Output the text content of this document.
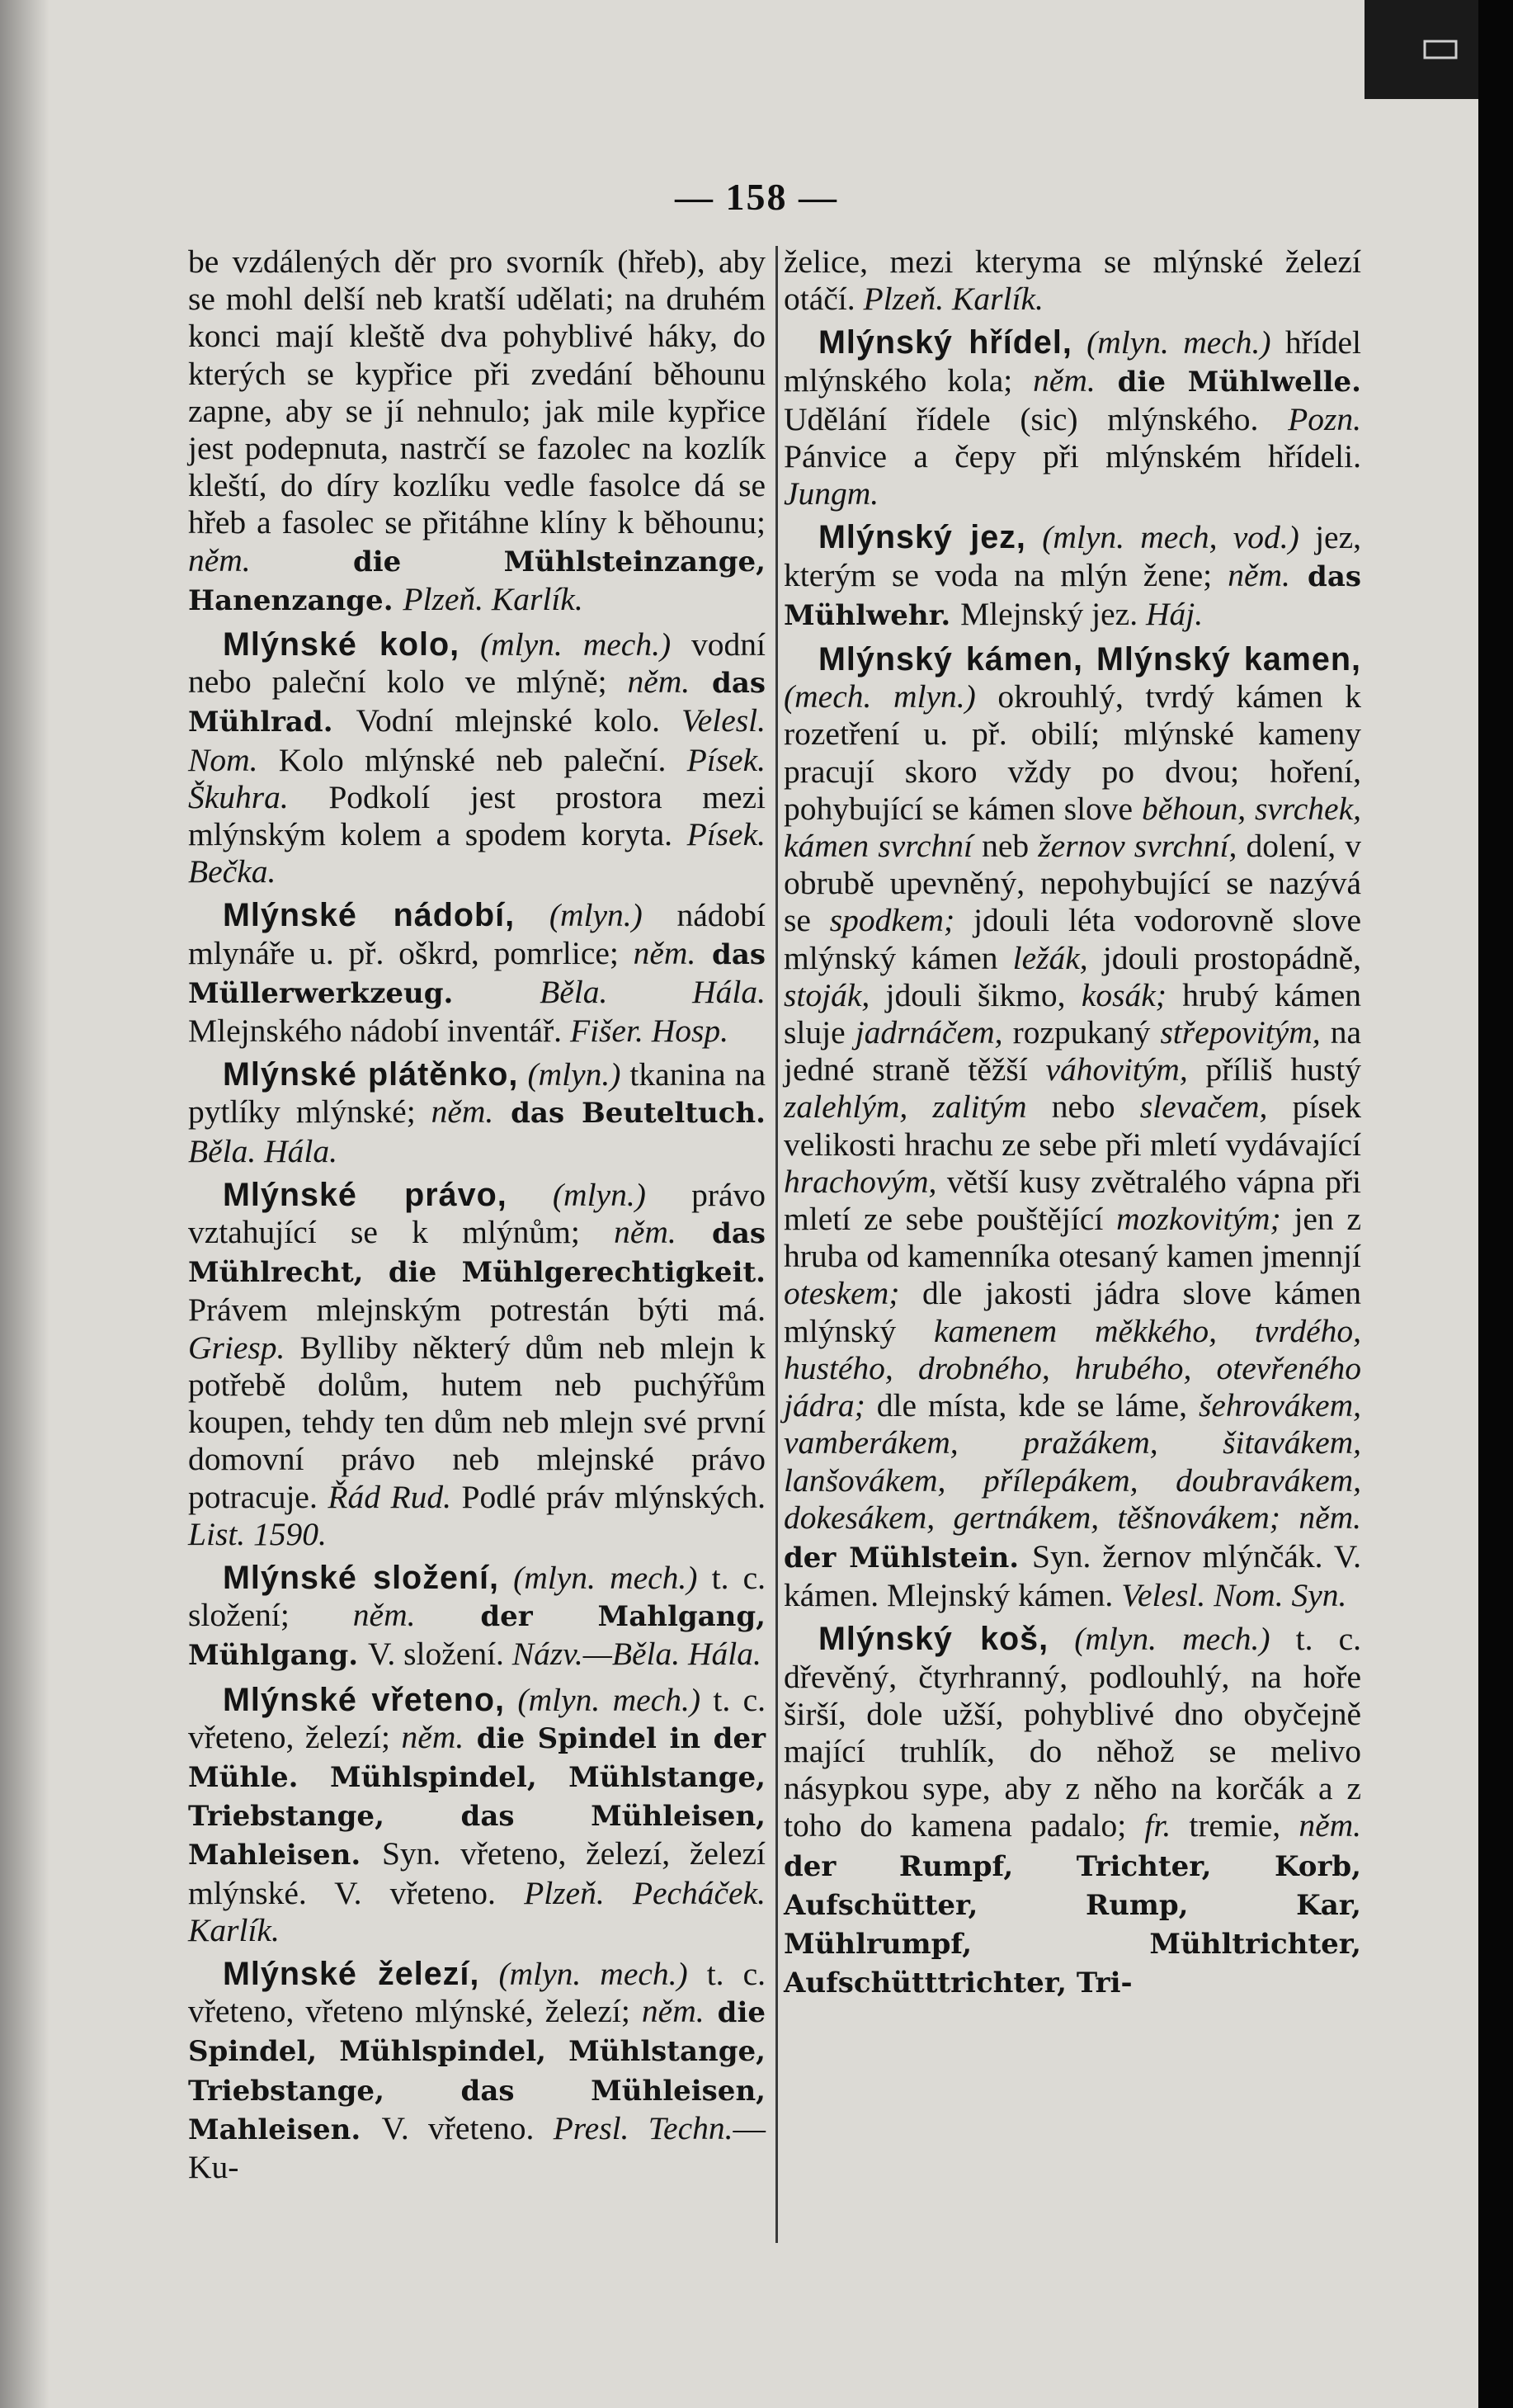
— 158 —

be vzdálených děr pro svorník (hřeb), aby se mohl delší neb kratší udělati; na druhém konci mají kleště dva pohyblivé háky, do kterých se kypřice při zvedání běhounu zapne, aby se jí nehnulo; jak mile kypřice jest podepnuta, nastrčí se fazolec na kozlík kleští, do díry kozlíku vedle fasolce dá se hřeb a fasolec se přitáhne klíny k běhounu; něm. die Mühlsteinzange, Hanenzange. Plzeň. Karlík.

Mlýnské kolo, (mlyn. mech.) vodní nebo paleční kolo ve mlýně; něm. das Mühlrad. Vodní mlejnské kolo. Velesl. Nom. Kolo mlýnské neb paleční. Písek. Škuhra. Podkolí jest prostora mezi mlýnským kolem a spodem koryta. Písek. Bečka.

Mlýnské nádobí, (mlyn.) nádobí mlynáře u. př. oškrd, pomrlice; něm. das Müllerwerkzeug. Běla. Hála. Mlejnského nádobí inventář. Fišer. Hosp.

Mlýnské plátěnko, (mlyn.) tkanina na pytlíky mlýnské; něm. das Beuteltuch. Běla. Hála.

Mlýnské právo, (mlyn.) právo vztahující se k mlýnům; něm. das Mühlrecht, die Mühlgerechtigkeit. Právem mlejnským potrestán býti má. Griesp. Bylliby některý dům neb mlejn k potřebě dolům, hutem neb puchýřům koupen, tehdy ten dům neb mlejn své první domovní právo neb mlejnské právo potracuje. Řád Rud. Podlé práv mlýnských. List. 1590.

Mlýnské složení, (mlyn. mech.) t. c. složení; něm. der Mahlgang, Mühlgang. V. složení. Názv.—Běla. Hála.

Mlýnské vřeteno, (mlyn. mech.) t. c. vřeteno, železí; něm. die Spindel in der Mühle. Mühlspindel, Mühlstange, Triebstange, das Mühleisen, Mahleisen. Syn. vřeteno, železí, železí mlýnské. V. vřeteno. Plzeň. Pecháček. Karlík.

Mlýnské železí, (mlyn. mech.) t. c. vřeteno, vřeteno mlýnské, železí; něm. die Spindel, Mühlspindel, Mühlstange, Triebstange, das Mühleisen, Mahleisen. V. vřeteno. Presl. Techn.—Ku-

želice, mezi kteryma se mlýnské železí otáčí. Plzeň. Karlík.

Mlýnský hřídel, (mlyn. mech.) hřídel mlýnského kola; něm. die Mühlwelle. Udělání řídele (sic) mlýnského. Pozn. Pánvice a čepy při mlýnském hřídeli. Jungm.

Mlýnský jez, (mlyn. mech, vod.) jez, kterým se voda na mlýn žene; něm. das Mühlwehr. Mlejnský jez. Háj.

Mlýnský kámen, Mlýnský kamen, (mech. mlyn.) okrouhlý, tvrdý kámen k rozetření u. př. obilí; mlýnské kameny pracují skoro vždy po dvou; hoření, pohybující se kámen slove běhoun, svrchek, kámen svrchní neb žernov svrchní, dolení, v obrubě upevněný, nepohybující se nazývá se spodkem; jdouli léta vodorovně slove mlýnský kámen ležák, jdouli prostopádně, stoják, jdouli šikmo, kosák; hrubý kámen sluje jadrnáčem, rozpukaný střepovitým, na jedné straně těžší váhovitým, příliš hustý zalehlým, zalitým nebo slevačem, písek velikosti hrachu ze sebe při mletí vydávající hrachovým, větší kusy zvětralého vápna při mletí ze sebe pouštějící mozkovitým; jen z hruba od kamenníka otesaný kamen jmennjí oteskem; dle jakosti jádra slove kámen mlýnský kamenem měkkého, tvrdého, hustého, drobného, hrubého, otevřeného jádra; dle místa, kde se láme, šehrovákem, vamberákem, pražákem, šitavákem, lanšovákem, přílepákem, doubravákem, dokesákem, gertnákem, těšnovákem; něm. der Mühlstein. Syn. žernov mlýnčák. V. kámen. Mlejnský kámen. Velesl. Nom. Syn.

Mlýnský koš, (mlyn. mech.) t. c. dřevěný, čtyrhranný, podlouhlý, na hoře širší, dole užší, pohyblivé dno obyčejně mající truhlík, do něhož se melivo násypkou sype, aby z něho na korčák a z toho do kamena padalo; fr. tremie, něm. der Rumpf, Trichter, Korb, Aufschütter, Rump, Kar, Mühlrumpf, Mühltrichter, Aufschütttrichter, Tri-
